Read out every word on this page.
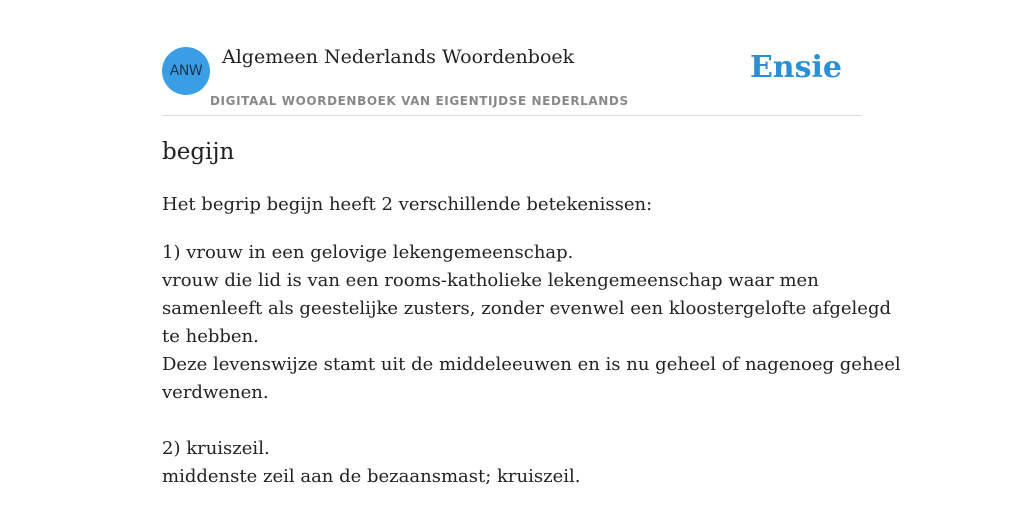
ANW
Algemeen Nederlands Woordenboek
DIGITAAL WOORDENBOEK VAN EIGENTIJDSE NEDERLANDS
Ensie
begijn

Het begrip begijn heeft 2 verschillende betekenissen:

1) vrouw in een gelovige lekengemeenschap.
vrouw die lid is van een rooms-katholieke lekengemeenschap waar men
samenleeft als geestelijke zusters, zonder evenwel een kloostergelofte afgelegd
te hebben.
Deze levenswijze stamt uit de middeleeuwen en is nu geheel of nagenoeg geheel
verdwenen.
2) kruiszeil.
middenste zeil aan de bezaansmast; kruiszeil.
